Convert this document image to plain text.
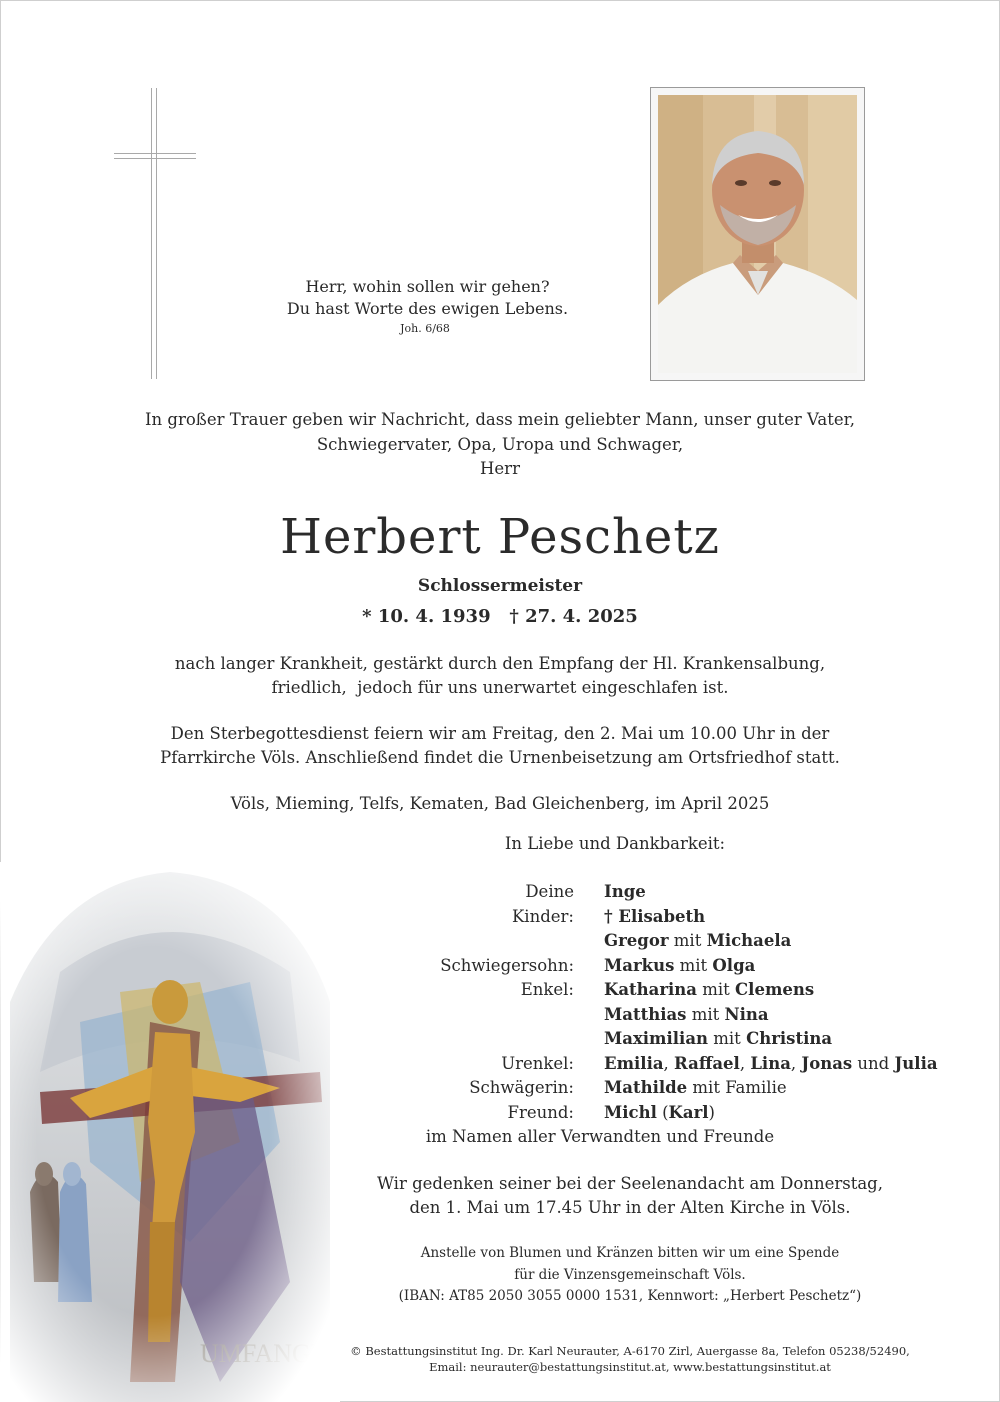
Herr, wohin sollen wir gehen?
Du hast Worte des ewigen Lebens.
Joh. 6/68
In großer Trauer geben wir Nachricht, dass mein geliebter Mann, unser guter Vater,
Schwiegervater, Opa, Uropa und Schwager,
Herr
Herbert Peschetz
Schlossermeister
* 10. 4. 1939   † 27. 4. 2025
nach langer Krankheit, gestärkt durch den Empfang der Hl. Krankensalbung,
friedlich,  jedoch für uns unerwartet eingeschlafen ist.
Den Sterbegottesdienst feiern wir am Freitag, den 2. Mai um 10.00 Uhr in der
Pfarrkirche Völs. Anschließend findet die Urnenbeisetzung am Ortsfriedhof statt.
Völs, Mieming, Telfs, Kematen, Bad Gleichenberg, im April 2025
In Liebe und Dankbarkeit:
Deine	Inge
Kinder:	† Elisabeth
Gregor mit Michaela
Schwiegersohn:	Markus mit Olga
Enkel:	Katharina mit Clemens
Matthias mit Nina
Maximilian mit Christina
Urenkel:	Emilia, Raffael, Lina, Jonas und Julia
Schwägerin:	Mathilde mit Familie
Freund:	Michl (Karl)
im Namen aller Verwandten und Freunde
Wir gedenken seiner bei der Seelenandacht am Donnerstag,
den 1. Mai um 17.45 Uhr in der Alten Kirche in Völs.
Anstelle von Blumen und Kränzen bitten wir um eine Spende
für die Vinzensgemeinschaft Völs.
(IBAN: AT85 2050 3055 0000 1531, Kennwort: „Herbert Peschetz“)
© Bestattungsinstitut Ing. Dr. Karl Neurauter, A-6170 Zirl, Auergasse 8a, Telefon 05238/52490,
Email: neurauter@bestattungsinstitut.at, www.bestattungsinstitut.at
